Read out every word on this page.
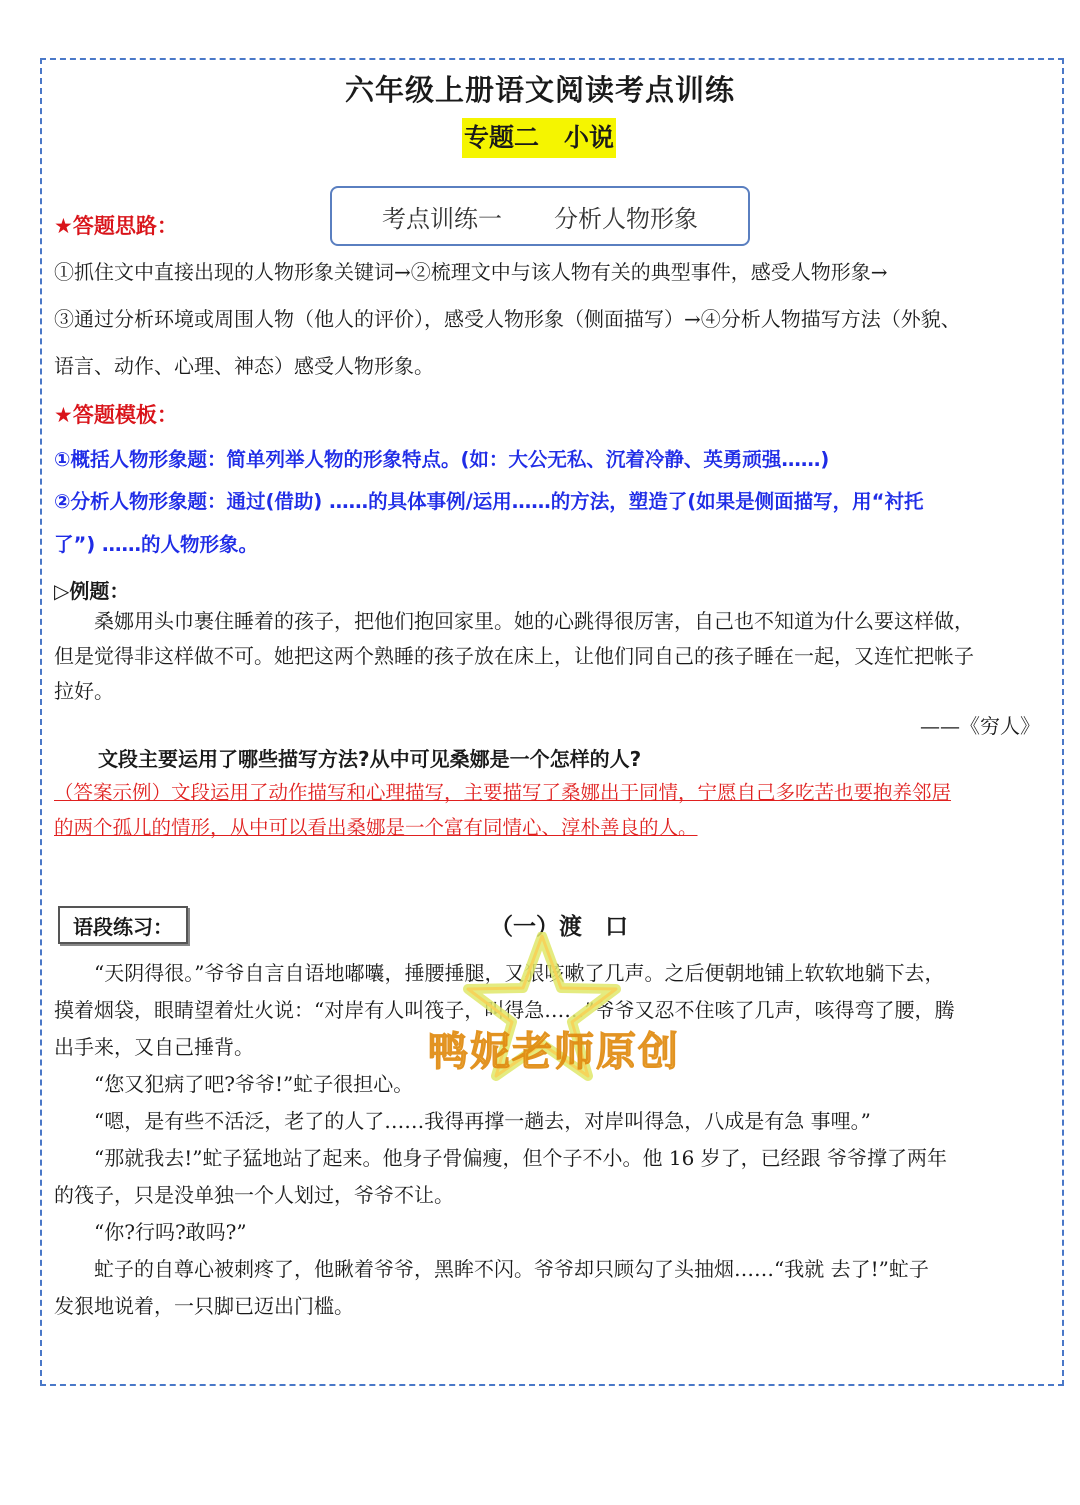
六年级上册语文阅读考点训练
专题二　小说
考点训练一 分析人物形象
★答题思路：
①抓住文中直接出现的人物形象关键词→②梳理文中与该人物有关的典型事件，感受人物形象→
③通过分析环境或周围人物（他人的评价），感受人物形象（侧面描写）→④分析人物描写方法（外貌、
语言、动作、心理、神态）感受人物形象。
★答题模板：
①概括人物形象题：简单列举人物的形象特点。(如：大公无私、沉着冷静、英勇顽强……)
②分析人物形象题：通过(借助) ……的具体事例/运用……的方法，塑造了(如果是侧面描写，用“衬托
了”) ……的人物形象。
▷例题：
　　桑娜用头巾裹住睡着的孩子，把他们抱回家里。她的心跳得很厉害，自己也不知道为什么要这样做，
但是觉得非这样做不可。她把这两个熟睡的孩子放在床上，让他们同自己的孩子睡在一起，又连忙把帐子
拉好。
——《穷人》
文段主要运用了哪些描写方法?从中可见桑娜是一个怎样的人?
（答案示例）文段运用了动作描写和心理描写，主要描写了桑娜出于同情，宁愿自己多吃苦也要抱养邻居
的两个孤儿的情形，从中可以看出桑娜是一个富有同情心、淳朴善良的人。
语段练习：	（一）渡　口
　　“天阴得很。”爷爷自言自语地嘟囔，捶腰捶腿，又狠咳嗽了几声。之后便朝地铺上软软地躺下去，
摸着烟袋，眼睛望着灶火说：“对岸有人叫筏子，叫得急……”爷爷又忍不住咳了几声，咳得弯了腰，腾
出手来，又自己捶背。
　　“您又犯病了吧?爷爷!”虻子很担心。
　　“嗯，是有些不活泛，老了的人了……我得再撑一趟去，对岸叫得急，八成是有急 事哩。”
　　“那就我去!”虻子猛地站了起来。他身子骨偏瘦，但个子不小。他 16 岁了，已经跟 爷爷撑了两年
的筏子，只是没单独一个人划过，爷爷不让。
　　“你?行吗?敢吗?”
　　虻子的自尊心被刺疼了，他瞅着爷爷，黑眸不闪。爷爷却只顾勾了头抽烟……“我就 去了!”虻子
发狠地说着，一只脚已迈出门槛。
鸭妮老师原创
